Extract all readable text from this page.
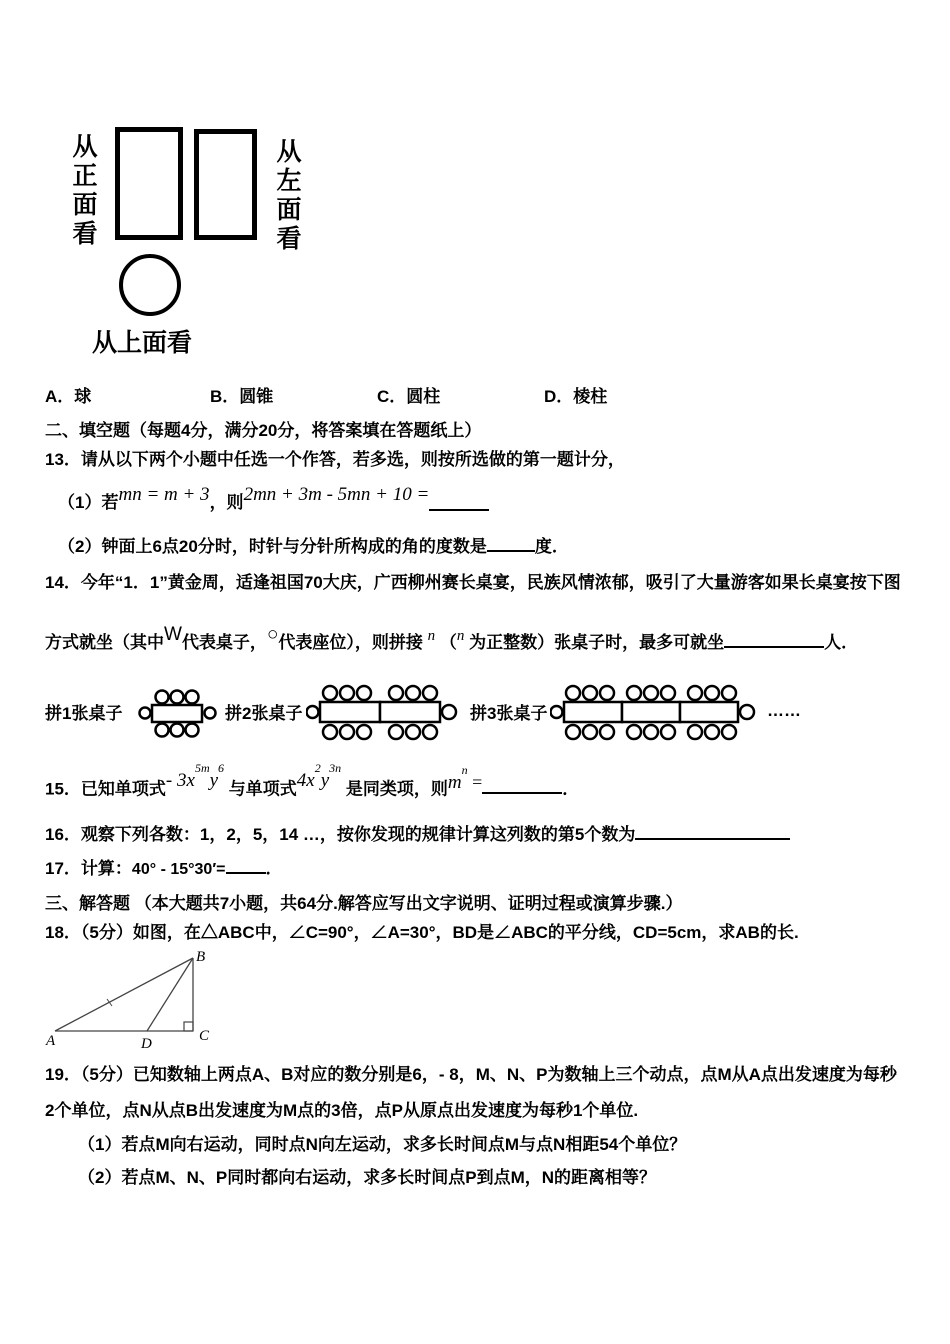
从正面看	从左面看
从上面看
A．球	B．圆锥	C．圆柱	D．棱柱
二、填空题（每题4分，满分20分，将答案填在答题纸上）
13．请从以下两个小题中任选一个作答，若多选，则按所选做的第一题计分，
（1）若mn = m + 3，则2mn + 3m - 5mn + 10 =
（2）钟面上6点20分时，时针与分针所构成的角的度数是	度．
14．今年“1．1”黄金周，适逢祖国70大庆，广西柳州赛长桌宴，民族风情浓郁，吸引了大量游客如果长桌宴按下图
方式就坐（其中W代表桌子，○代表座位），则拼接 n （n 为正整数）张桌子时，最多可就坐	人．
拼1张桌子	拼2张桌子	拼3张桌子	……
15．已知单项式- $3x^{5m}y^6$ 与单项式$4x^2y^{3n}$ 是同类项，则$m^n$ =	．
16．观察下列各数：1，2，5，14 …，按你发现的规律计算这列数的第5个数为
17．计算：40° - 15°30′= ．
三、解答题 （本大题共7小题，共64分.解答应写出文字说明、证明过程或演算步骤.）
18．（5分）如图，在△ABC中，∠C=90°，∠A=30°，BD是∠ABC的平分线，CD=5cm，求AB的长.
A
B
C
D
19．（5分）已知数轴上两点A、B对应的数分别是6，- 8，M、N、P为数轴上三个动点，点M从A点出发速度为每秒
2个单位，点N从点B出发速度为M点的3倍，点P从原点出发速度为每秒1个单位.
（1）若点M向右运动，同时点N向左运动，求多长时间点M与点N相距54个单位？
（2）若点M、N、P同时都向右运动，求多长时间点P到点M，N的距离相等？
